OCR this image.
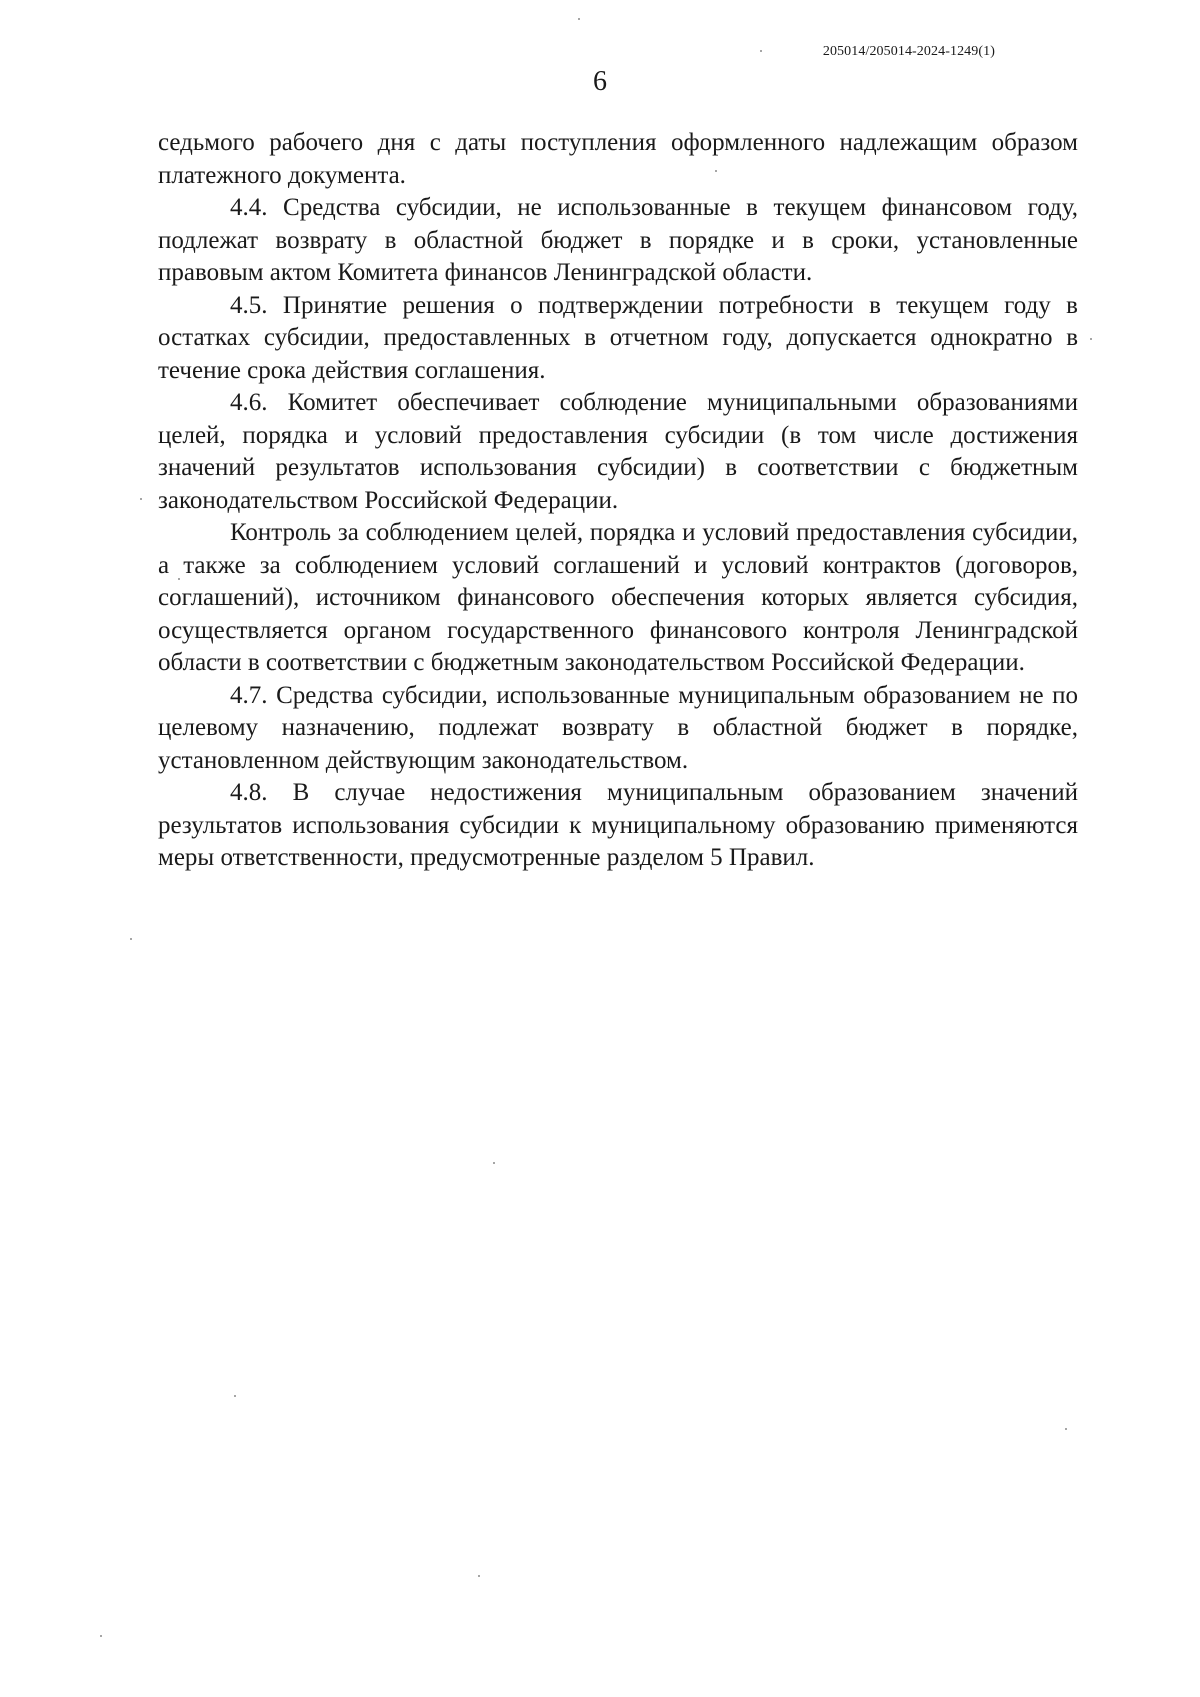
205014/205014-2024-1249(1)
6

седьмого рабочего дня с даты поступления оформленного надлежащим образом платежного документа.

4.4. Средства субсидии, не использованные в текущем финансовом году, подлежат возврату в областной бюджет в порядке и в сроки, установленные правовым актом Комитета финансов Ленинградской области.

4.5. Принятие решения о подтверждении потребности в текущем году в остатках субсидии, предоставленных в отчетном году, допускается однократно в течение срока действия соглашения.

4.6. Комитет обеспечивает соблюдение муниципальными образованиями целей, порядка и условий предоставления субсидии (в том числе достижения значений результатов использования субсидии) в соответствии с бюджетным законодательством Российской Федерации.

Контроль за соблюдением целей, порядка и условий предоставления субсидии, а также за соблюдением условий соглашений и условий контрактов (договоров, соглашений), источником финансового обеспечения которых является субсидия, осуществляется органом государственного финансового контроля Ленинградской области в соответствии с бюджетным законодательством Российской Федерации.

4.7. Средства субсидии, использованные муниципальным образованием не по целевому назначению, подлежат возврату в областной бюджет в порядке, установленном действующим законодательством.

4.8. В случае недостижения муниципальным образованием значений результатов использования субсидии к муниципальному образованию применяются меры ответственности, предусмотренные разделом 5 Правил.
